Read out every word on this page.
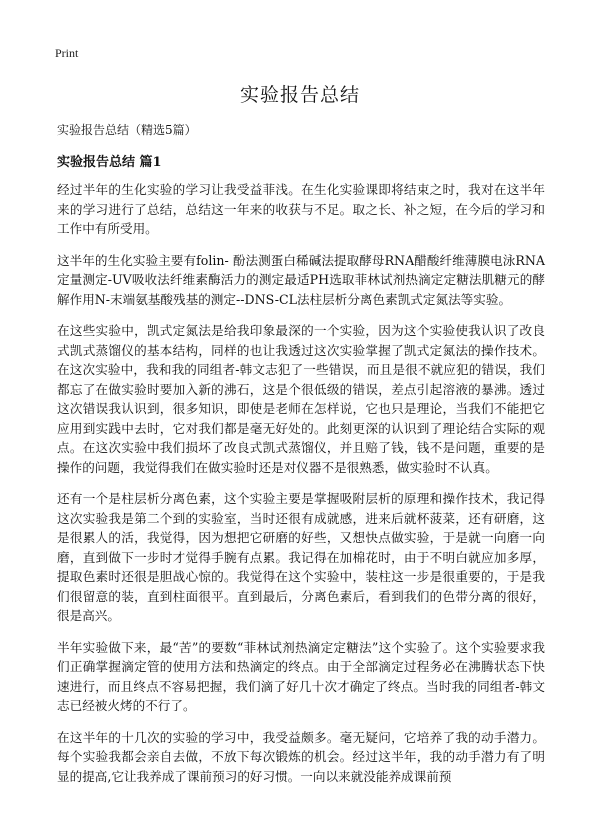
Print
实验报告总结

实验报告总结（精选5篇）

实验报告总结 篇1

经过半年的生化实验的学习让我受益菲浅。在生化实验课即将结束之时，我对在这半年来的学习进行了总结，总结这一年来的收获与不足。取之长、补之短，在今后的学习和工作中有所受用。

这半年的生化实验主要有folin- 酚法测蛋白稀碱法提取酵母RNA醋酸纤维薄膜电泳RNA定量测定-UV吸收法纤维素酶活力的测定最适PH选取菲林试剂热滴定定糖法肌糖元的酵解作用N-末端氨基酸残基的测定--DNS-CL法柱层析分离色素凯式定氮法等实验。

在这些实验中，凯式定氮法是给我印象最深的一个实验，因为这个实验使我认识了改良式凯式蒸馏仪的基本结构，同样的也让我透过这次实验掌握了凯式定氮法的操作技术。在这次实验中，我和我的同组者-韩文志犯了一些错误，而且是很不就应犯的错误，我们都忘了在做实验时要加入新的沸石，这是个很低级的错误，差点引起溶液的暴沸。透过这次错误我认识到，很多知识，即使是老师在怎样说，它也只是理论，当我们不能把它应用到实践中去时，它对我们都是毫无好处的。此刻更深的认识到了理论结合实际的观点。在这次实验中我们损坏了改良式凯式蒸馏仪，并且赔了钱，钱不是问题，重要的是操作的问题，我觉得我们在做实验时还是对仪器不是很熟悉，做实验时不认真。

还有一个是柱层析分离色素，这个实验主要是掌握吸附层析的原理和操作技术，我记得这次实验我是第二个到的实验室，当时还很有成就感，进来后就杯菠菜，还有研磨，这是很累人的活，我觉得，因为想把它研磨的好些，又想快点做实验，于是就一向磨一向磨，直到做下一步时才觉得手腕有点累。我记得在加棉花时，由于不明白就应加多厚，提取色素时还很是胆战心惊的。我觉得在这个实验中，装柱这一步是很重要的，于是我们很留意的装，直到柱面很平。直到最后，分离色素后，看到我们的色带分离的很好，很是高兴。

半年实验做下来，最“苦”的要数“菲林试剂热滴定定糖法”这个实验了。这个实验要求我们正确掌握滴定管的使用方法和热滴定的终点。由于全部滴定过程务必在沸腾状态下快速进行，而且终点不容易把握，我们滴了好几十次才确定了终点。当时我的同组者-韩文志已经被火烤的不行了。

在这半年的十几次的实验的学习中，我受益颇多。毫无疑问，它培养了我的动手潜力。每个实验我都会亲自去做，不放下每次锻炼的机会。经过这半年，我的动手潜力有了明显的提高,它让我养成了课前预习的好习惯。一向以来就没能养成课前预
